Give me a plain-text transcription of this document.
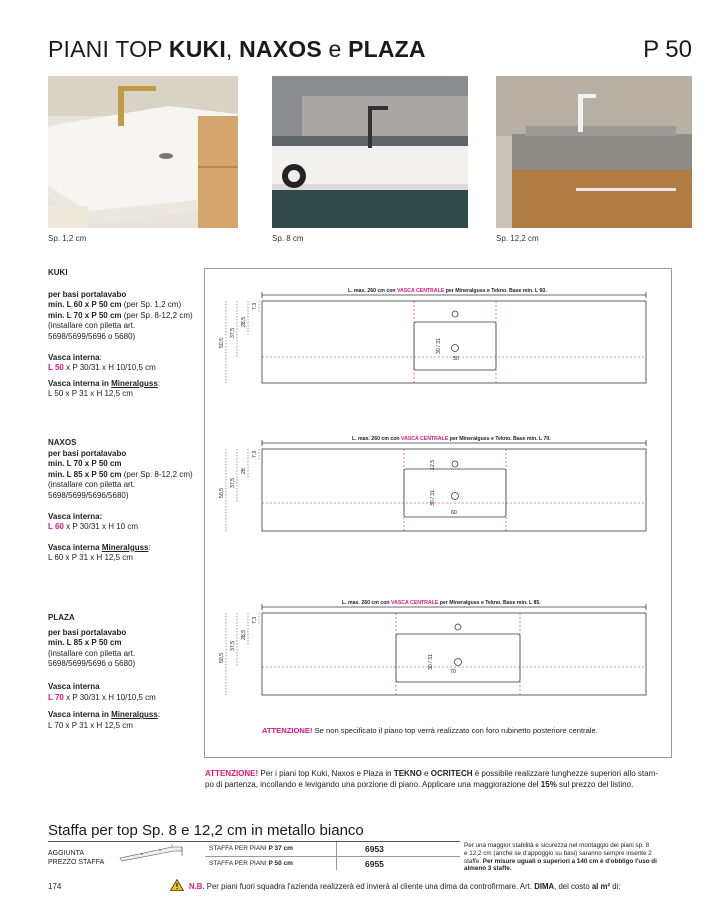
PIANI TOP KUKI, NAXOS e PLAZA	P 50
Sp. 1,2 cm	Sp. 8 cm	Sp. 12,2 cm
KUKI
per basi portalavabo
min. L 60 x P 50 cm (per Sp. 1,2 cm)
min. L 70 x P 50 cm (per Sp. 8-12,2 cm)
(installare con piletta art.
5698/5699/5696 o 5680)
Vasca interna:
L 50 x P 30/31 x H 10/10,5 cm
Vasca interna in Mineralguss:
L 50 x P 31 x H 12,5 cm
NAXOS
per basi portalavabo
min. L 70 x P 50 cm
min. L 85 x P 50 cm (per Sp. 8-12,2 cm)
(installare con piletta art.
5698/5699/5696/5680)
Vasca interna:
L 60 x P 30/31 x H 10 cm
Vasca interna Mineralguss:
L 60 x P 31 x H 12,5 cm
PLAZA
per basi portalavabo
min. L 85 x P 50 cm
(installare con piletta art.
5698/5699/5696 o 5680)
Vasca interna
L 70 x P 30/31 x H 10/10,5 cm
Vasca interna in Mineralguss:
L 70 x P 31 x H 12,5 cm
L. max. 260 cm con VASCA CENTRALE per Mineralguss e Tekno. Base min. L 60.
50
30 / 31
50,5
37,5
28,5
7,3
L. max. 260 cm con VASCA CENTRALE per Mineralguss e Tekno. Base min. L 70.
60
30 / 31
12,5
50,5
37,5
28
7,3
L. max. 260 cm con VASCA CENTRALE per Mineralguss e Tekno. Base min. L 85.
70
30 / 31
50,5
37,5
28,5
7,3
ATTENZIONE! Se non specificato il piano top verrà realizzato con foro rubinetto posteriore centrale.
ATTENZIONE! Per i piani top Kuki, Naxos e Plaza in TEKNO e OCRITECH è possibile realizzare lunghezze superiori allo stam-
po di partenza, incollando e levigando una porzione di piano. Applicare una maggiorazione del 15% sul prezzo del listino.
Staffa per top Sp. 8 e 12,2 cm in metallo bianco
AGGIUNTA
PREZZO STAFFA
STAFFA PER PIANI P 37 cm	6953
STAFFA PER PIANI P 50 cm	6955
Per una maggior stabilità e sicurezza nel montaggio dei piani sp. 8
e 12,2 cm (anche se d'appoggio su basi) saranno sempre inserite 2
staffe. Per misure uguali o superiori a 140 cm è d'obbligo l'uso di
almeno 3 staffe.
174	N.B. Per piani fuori squadra l'azienda realizzerà ed invierà al cliente una dima da controfirmare. Art. DIMA, del costo al m² di:
